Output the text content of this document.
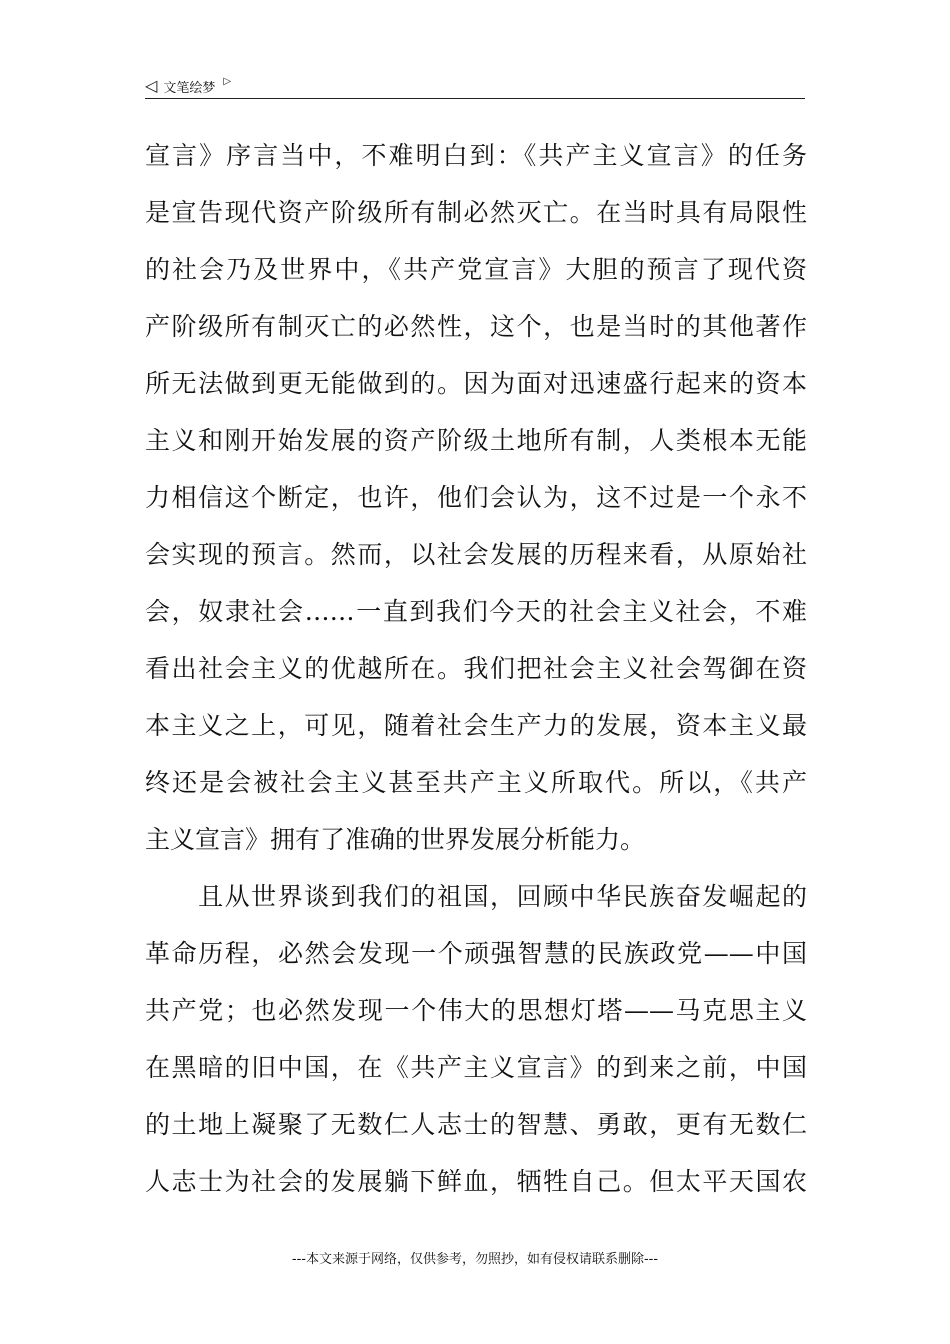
◁ 文笔绘梦 ▷

宣言》序言当中，不难明白到：《共产主义宣言》的任务

是宣告现代资产阶级所有制必然灭亡。在当时具有局限性

的社会乃及世界中，《共产党宣言》大胆的预言了现代资

产阶级所有制灭亡的必然性，这个，也是当时的其他著作

所无法做到更无能做到的。因为面对迅速盛行起来的资本

主义和刚开始发展的资产阶级土地所有制，人类根本无能

力相信这个断定，也许，他们会认为，这不过是一个永不

会实现的预言。然而，以社会发展的历程来看，从原始社

会，奴隶社会……一直到我们今天的社会主义社会，不难

看出社会主义的优越所在。我们把社会主义社会驾御在资

本主义之上，可见，随着社会生产力的发展，资本主义最

终还是会被社会主义甚至共产主义所取代。所以，《共产

主义宣言》拥有了准确的世界发展分析能力。

　　且从世界谈到我们的祖国，回顾中华民族奋发崛起的

革命历程，必然会发现一个顽强智慧的民族政党——中国

共产党；也必然发现一个伟大的思想灯塔——马克思主义

在黑暗的旧中国，在《共产主义宣言》的到来之前，中国

的土地上凝聚了无数仁人志士的智慧、勇敢，更有无数仁

人志士为社会的发展躺下鲜血，牺牲自己。但太平天国农

---本文来源于网络，仅供参考，勿照抄，如有侵权请联系删除---
